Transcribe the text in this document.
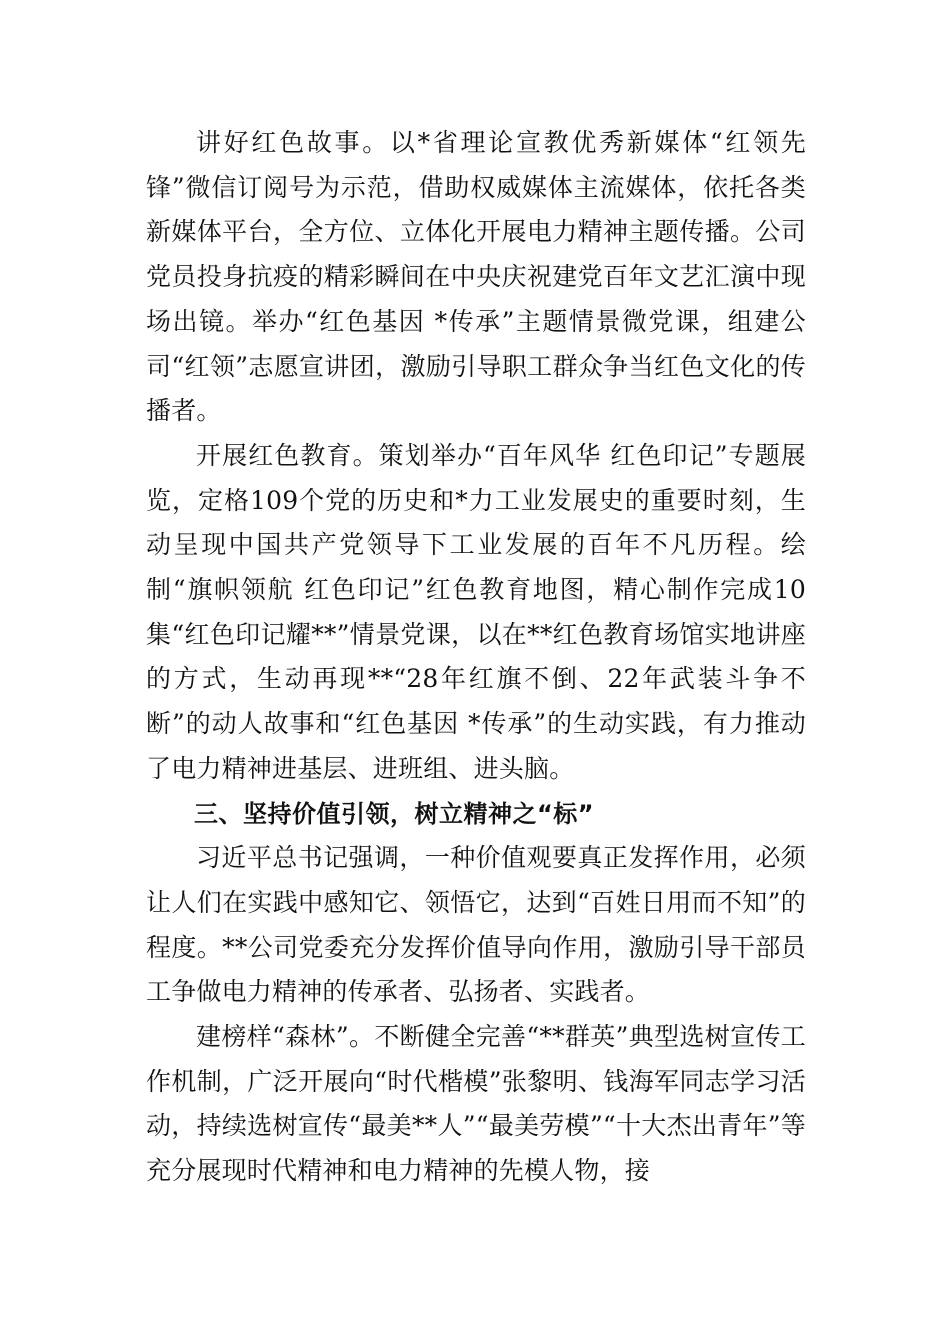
讲好红色故事。以*省理论宣教优秀新媒体“红领先锋”微信订阅号为示范，借助权威媒体主流媒体，依托各类新媒体平台，全方位、立体化开展电力精神主题传播。公司党员投身抗疫的精彩瞬间在中央庆祝建党百年文艺汇演中现场出镜。举办“红色基因 *传承”主题情景微党课，组建公司“红领”志愿宣讲团，激励引导职工群众争当红色文化的传播者。

开展红色教育。策划举办“百年风华 红色印记”专题展览，定格109个党的历史和*力工业发展史的重要时刻，生动呈现中国共产党领导下工业发展的百年不凡历程。绘制“旗帜领航 红色印记”红色教育地图，精心制作完成10集“红色印记耀**”情景党课，以在**红色教育场馆实地讲座的方式，生动再现**“28年红旗不倒、22年武装斗争不断”的动人故事和“红色基因 *传承”的生动实践，有力推动了电力精神进基层、进班组、进头脑。

三、坚持价值引领，树立精神之“标”

习近平总书记强调，一种价值观要真正发挥作用，必须让人们在实践中感知它、领悟它，达到“百姓日用而不知”的程度。**公司党委充分发挥价值导向作用，激励引导干部员工争做电力精神的传承者、弘扬者、实践者。

建榜样“森林”。不断健全完善“**群英”典型选树宣传工作机制，广泛开展向“时代楷模”张黎明、钱海军同志学习活动，持续选树宣传“最美**人”“最美劳模”“十大杰出青年”等充分展现时代精神和电力精神的先模人物，接
